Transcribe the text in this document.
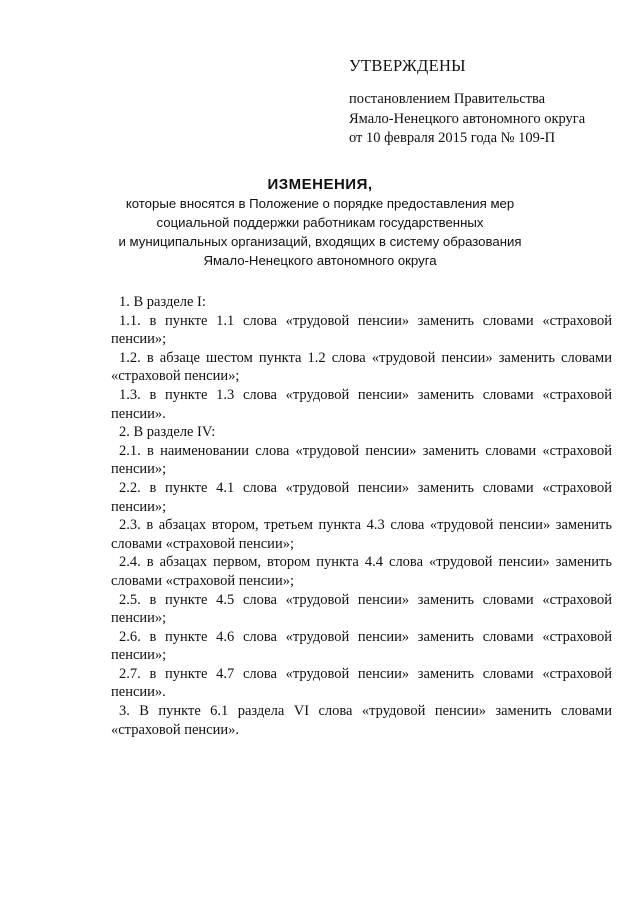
УТВЕРЖДЕНЫ
постановлением Правительства
Ямало-Ненецкого автономного округа
от 10 февраля 2015 года № 109-П
ИЗМЕНЕНИЯ,
которые вносятся в Положение о порядке предоставления мер
социальной поддержки работникам государственных
и муниципальных организаций, входящих в систему образования
Ямало-Ненецкого автономного округа
1. В разделе I:
1.1. в пункте 1.1 слова «трудовой пенсии» заменить словами «страховой пенсии»;
1.2. в абзаце шестом пункта 1.2 слова «трудовой пенсии» заменить словами «страховой пенсии»;
1.3. в пункте 1.3 слова «трудовой пенсии» заменить словами «страховой пенсии».
2. В разделе IV:
2.1. в наименовании слова «трудовой пенсии» заменить словами «страховой пенсии»;
2.2. в пункте 4.1 слова «трудовой пенсии» заменить словами «страховой пенсии»;
2.3. в абзацах втором, третьем пункта 4.3 слова «трудовой пенсии» заменить словами «страховой пенсии»;
2.4. в абзацах первом, втором пункта 4.4 слова «трудовой пенсии» заменить словами «страховой пенсии»;
2.5. в пункте 4.5 слова «трудовой пенсии» заменить словами «страховой пенсии»;
2.6. в пункте 4.6 слова «трудовой пенсии» заменить словами «страховой пенсии»;
2.7. в пункте 4.7 слова «трудовой пенсии» заменить словами «страховой пенсии».
3. В пункте 6.1 раздела VI слова «трудовой пенсии» заменить словами «страховой пенсии».
